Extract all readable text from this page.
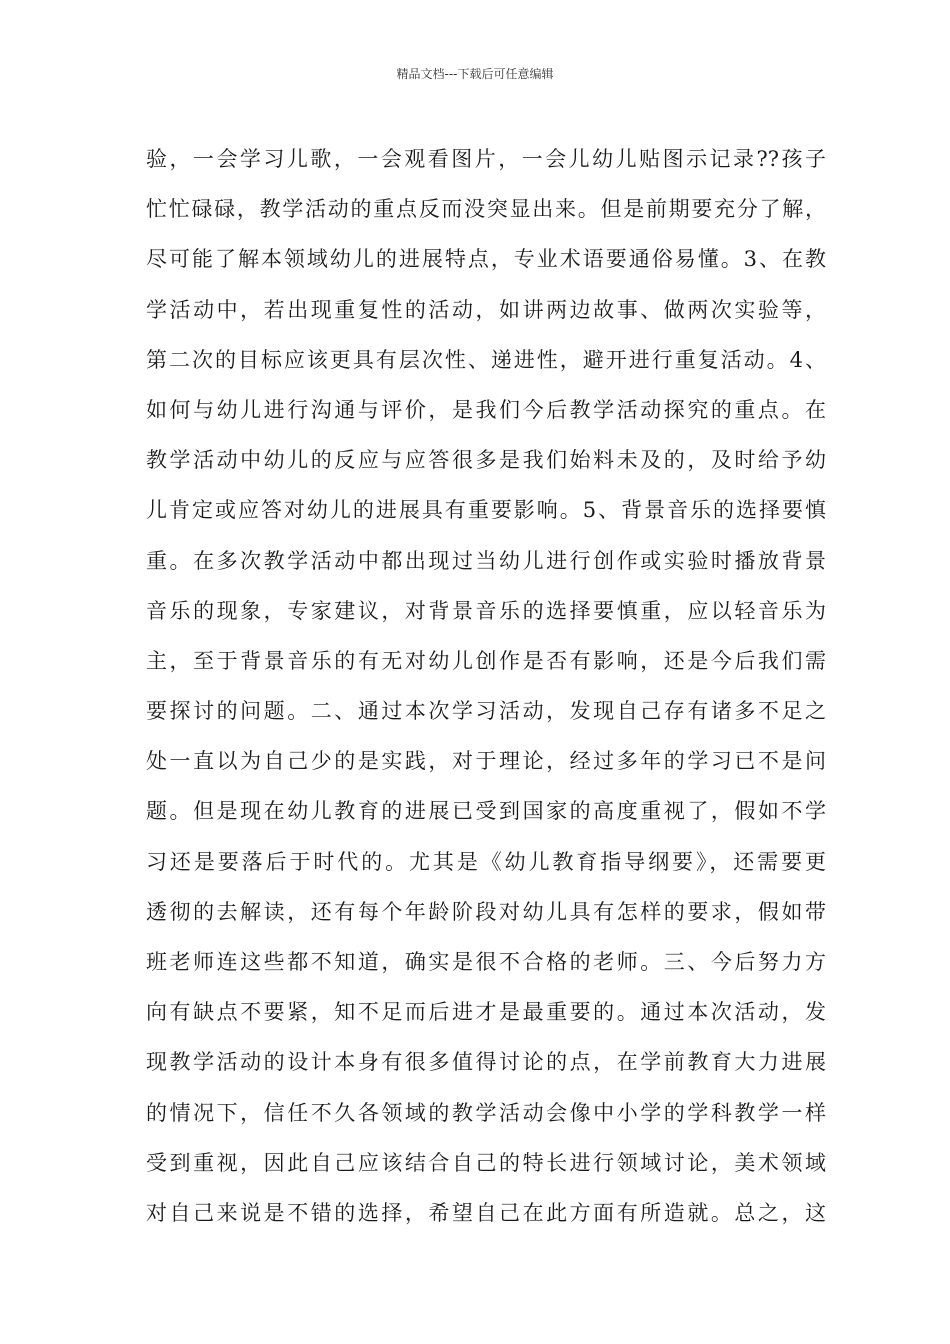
精品文档---下载后可任意编辑
验，一会学习儿歌，一会观看图片，一会儿幼儿贴图示记录??孩子
忙忙碌碌，教学活动的重点反而没突显出来。但是前期要充分了解，
尽可能了解本领域幼儿的进展特点，专业术语要通俗易懂。3、在教
学活动中，若出现重复性的活动，如讲两边故事、做两次实验等，
第二次的目标应该更具有层次性、递进性，避开进行重复活动。4、
如何与幼儿进行沟通与评价，是我们今后教学活动探究的重点。在
教学活动中幼儿的反应与应答很多是我们始料未及的，及时给予幼
儿肯定或应答对幼儿的进展具有重要影响。5、背景音乐的选择要慎
重。在多次教学活动中都出现过当幼儿进行创作或实验时播放背景
音乐的现象，专家建议，对背景音乐的选择要慎重，应以轻音乐为
主，至于背景音乐的有无对幼儿创作是否有影响，还是今后我们需
要探讨的问题。二、通过本次学习活动，发现自己存有诸多不足之
处一直以为自己少的是实践，对于理论，经过多年的学习已不是问
题。但是现在幼儿教育的进展已受到国家的高度重视了，假如不学
习还是要落后于时代的。尤其是《幼儿教育指导纲要》，还需要更
透彻的去解读，还有每个年龄阶段对幼儿具有怎样的要求，假如带
班老师连这些都不知道，确实是很不合格的老师。三、今后努力方
向有缺点不要紧，知不足而后进才是最重要的。通过本次活动，发
现教学活动的设计本身有很多值得讨论的点，在学前教育大力进展
的情况下，信任不久各领域的教学活动会像中小学的学科教学一样
受到重视，因此自己应该结合自己的特长进行领域讨论，美术领域
对自己来说是不错的选择，希望自己在此方面有所造就。总之，这
